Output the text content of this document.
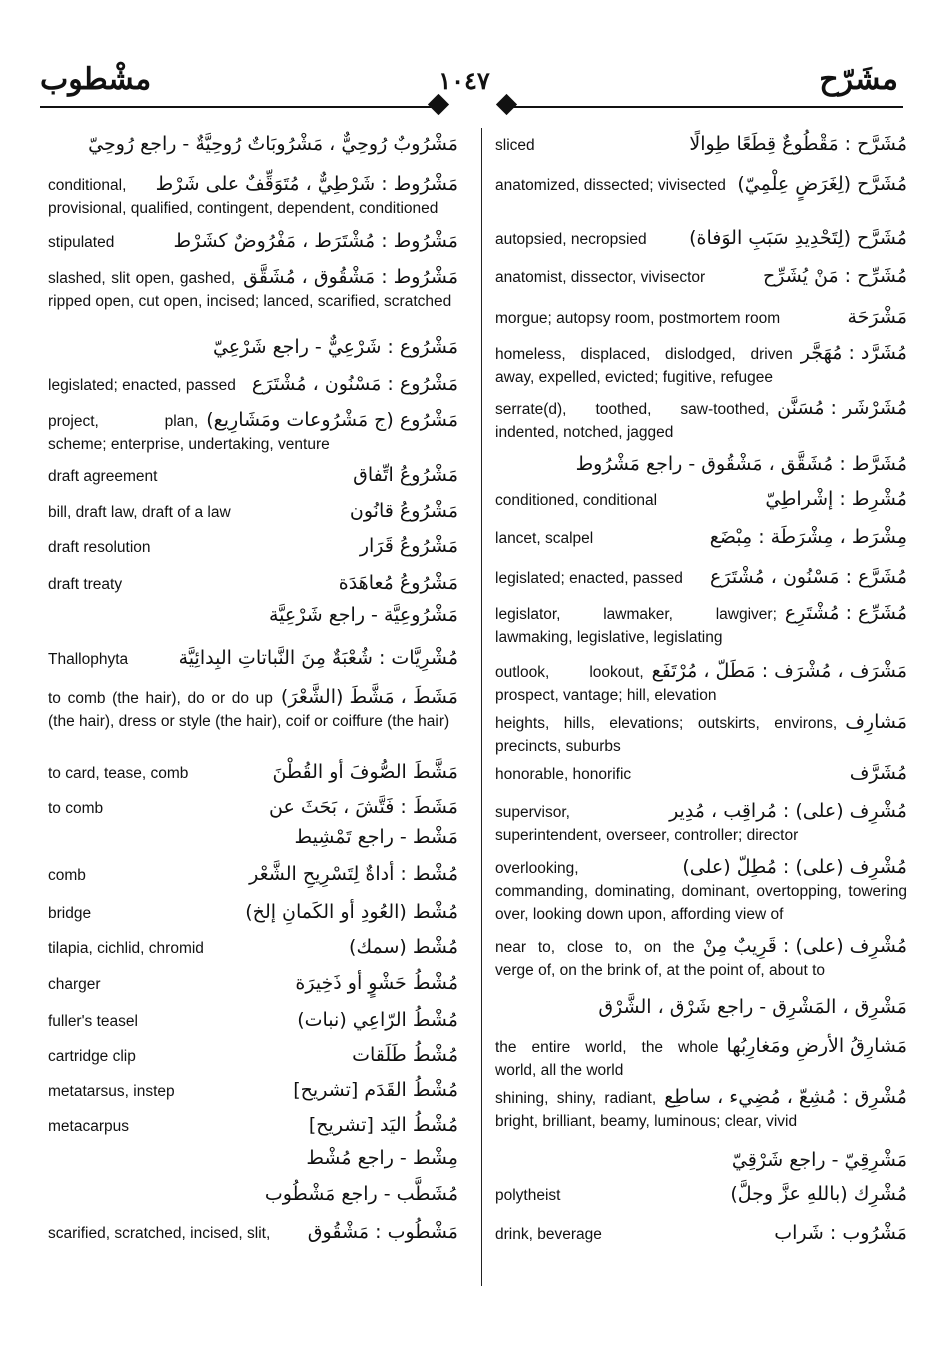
مشْطوب	١٠٤٧	مشَرّح
مَشْرُوبٌ رُوحِيٌّ ، مَشْرُوبَاتٌ رُوحِيَّةٌ - راجع رُوحِيّ
مَشْرُوط : شَرْطِيٌّ ، مُتَوَقِّفٌ على شَرْط
conditional, provisional, qualified, contingent, dependent, conditioned
مَشْرُوط : مُشْتَرَط ، مَفْرُوضٌ كشَرْط
stipulated
مَشْرُوط : مَشْقُوق ، مُشَقَّق
slashed, slit open, gashed, ripped open, cut open, incised; lanced, scarified, scratched
مَشْرُوع : شَرْعِيٌّ - راجع شَرْعِيّ
مَشْرُوع : مَسْنُون ، مُشْتَرَع
legislated; enacted, passed
مَشْرُوع (ج مَشْرُوعات ومَشَارِيع)
project, plan, scheme; enterprise, undertaking, venture
مَشْرُوعُ اتِّفاق
draft agreement
مَشْرُوعُ قانُون
bill, draft law, draft of a law
مَشْرُوعُ قَرَار
draft resolution
مَشْرُوعُ مُعاهَدَة
draft treaty
مَشْرُوعِيَّة - راجع شَرْعِيَّة
مُشْرِيَّات : شُعْبَةٌ مِنَ النَّباتاتِ البِدائِيَّة
Thallophyta
مَشَطَ ، مَشَّطَ (الشَّعْرَ)
to comb (the hair), do or do up (the hair), dress or style (the hair), coif or coiffure (the hair)
مَشَّطَ الصُّوفَ أو القُطْنَ
to card, tease, comb
مَشَطَ : فَتَّشَ ، بَحَثَ عن
to comb
مَشْط - راجع تَمْشِيط
مُشْط : أداةٌ لِتَسْرِيحِ الشَّعْر
comb
مُشْط (العُودِ أو الكَمانِ إلخ)
bridge
مُشْط (سمك)
tilapia, cichlid, chromid
مُشْطُ حَشْوٍ أو ذَخِيرَة
charger
مُشْطُ الرّاعِي (نبات)
fuller's teasel
مُشْطُ طَلَقات
cartridge clip
مُشْطُ القَدَم [تشريح]
metatarsus, instep
مُشْطُ اليَد [تشريح]
metacarpus
مِشْط - راجع مُشْط
مُشَطَّب - راجع مَشْطُوب
مَشْطُوب : مَشْقُوق
scarified, scratched, incised, slit,
مُشَرَّح : مَقْطُوعٌ قِطَعًا طِوالًا
sliced
مُشَرَّح (لِغَرَضٍ عِلْمِيّ)
anatomized, dissected; vivisected
مُشَرَّح (لِتَحْدِيدِ سَبَبِ الوَفاة)
autopsied, necropsied
مُشَرِّح : مَنْ يُشَرِّح
anatomist, dissector, vivisector
مَشْرَحَة
morgue; autopsy room, postmortem room
مُشَرَّد : مُهَجَّر
homeless, displaced, dislodged, driven away, expelled, evicted; fugitive, refugee
مُشَرْشَر : مُسَنَّن
serrate(d), toothed, saw-toothed, indented, notched, jagged
مُشَرَّط : مُشَقَّق ، مَشْقُوق - راجع مَشْرُوط
مُشْرِط : إشْراطِيّ
conditioned, conditional
مِشْرَط ، مِشْرَطَة : مِبْضَع
lancet, scalpel
مُشَرَّع : مَسْنُون ، مُشْتَرَع
legislated; enacted, passed
مُشَرِّع : مُشْتَرِع
legislator, lawmaker, lawgiver; lawmaking, legislative, legislating
مَشْرَف ، مُشْرَف : مَطَلّ ، مُرْتَفَع
outlook, lookout, prospect, vantage; hill, elevation
مَشارِف
heights, hills, elevations; outskirts, environs, precincts, suburbs
مُشَرَّف
honorable, honorific
مُشْرِف (على) : مُراقِب ، مُدِير
supervisor, superintendent, overseer, controller; director
مُشْرِف (على) : مُطِلّ (على)
overlooking, commanding, dominating, dominant, overtopping, towering over, looking down upon, affording view of
مُشْرِف (على) : قَرِيبٌ مِنْ
near to, close to, on the verge of, on the brink of, at the point of, about to
مَشْرِق ، المَشْرِق - راجع شَرْق ، الشَّرْق
مَشارِقُ الأرضِ ومَغارِبُها
the entire world, the whole world, all the world
مُشْرِق : مُشِعّ ، مُضِيء ، ساطِع
shining, shiny, radiant, bright, brilliant, beamy, luminous; clear, vivid
مَشْرِقِيّ - راجع شَرْقِيّ
مُشْرِك (باللهِ عزَّ وجلَّ)
polytheist
مَشْرُوب : شَراب
drink, beverage
